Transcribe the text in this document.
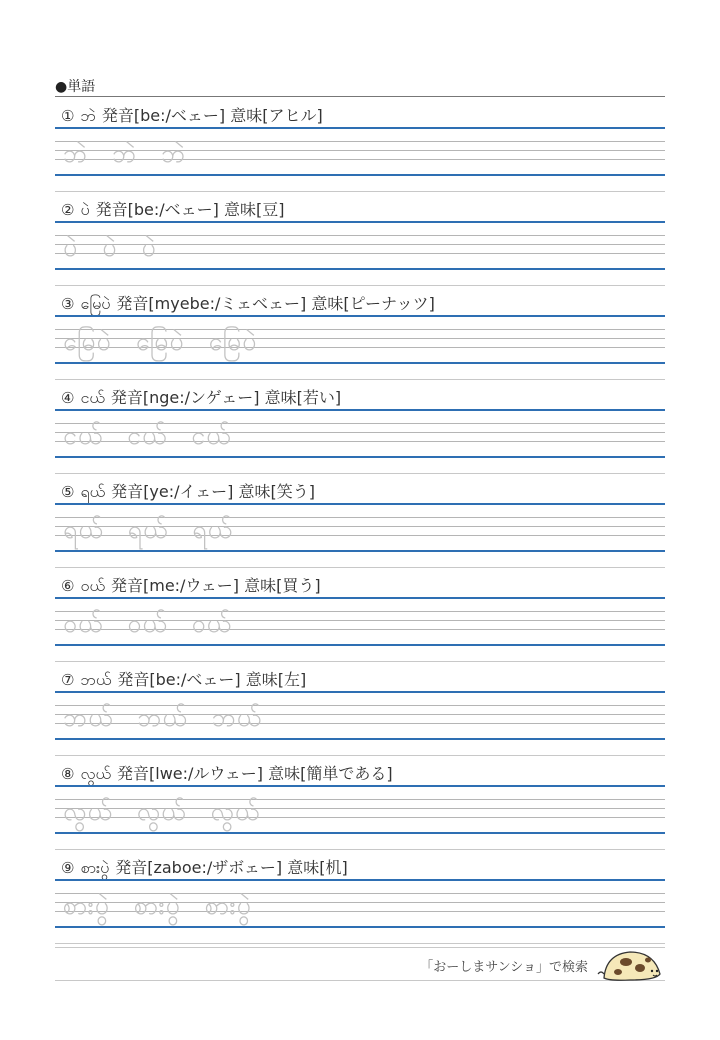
●単語
① ဘဲ 発音[be:/ベェー] 意味[アヒル]
ဘဲ ဘဲ ဘဲ
② ပဲ 発音[be:/ベェー] 意味[豆]
ပဲ ပဲ ပဲ
③ မြေပဲ 発音[myebe:/ミェベェー] 意味[ピーナッツ]
မြေပဲ မြေပဲ မြေပဲ
④ ငယ် 発音[nge:/ンゲェー] 意味[若い]
ငယ် ငယ် ငယ်
⑤ ရယ် 発音[ye:/イェー] 意味[笑う]
ရယ် ရယ် ရယ်
⑥ ဝယ် 発音[me:/ウェー] 意味[買う]
ဝယ် ဝယ် ဝယ်
⑦ ဘယ် 発音[be:/ベェー] 意味[左]
ဘယ် ဘယ် ဘယ်
⑧ လွယ် 発音[lwe:/ルウェー] 意味[簡単である]
လွယ် လွယ် လွယ်
⑨ စားပွဲ 発音[zaboe:/ザボェー] 意味[机]
စားပွဲ စားပွဲ စားပွဲ
「おーしまサンショ」で検索
